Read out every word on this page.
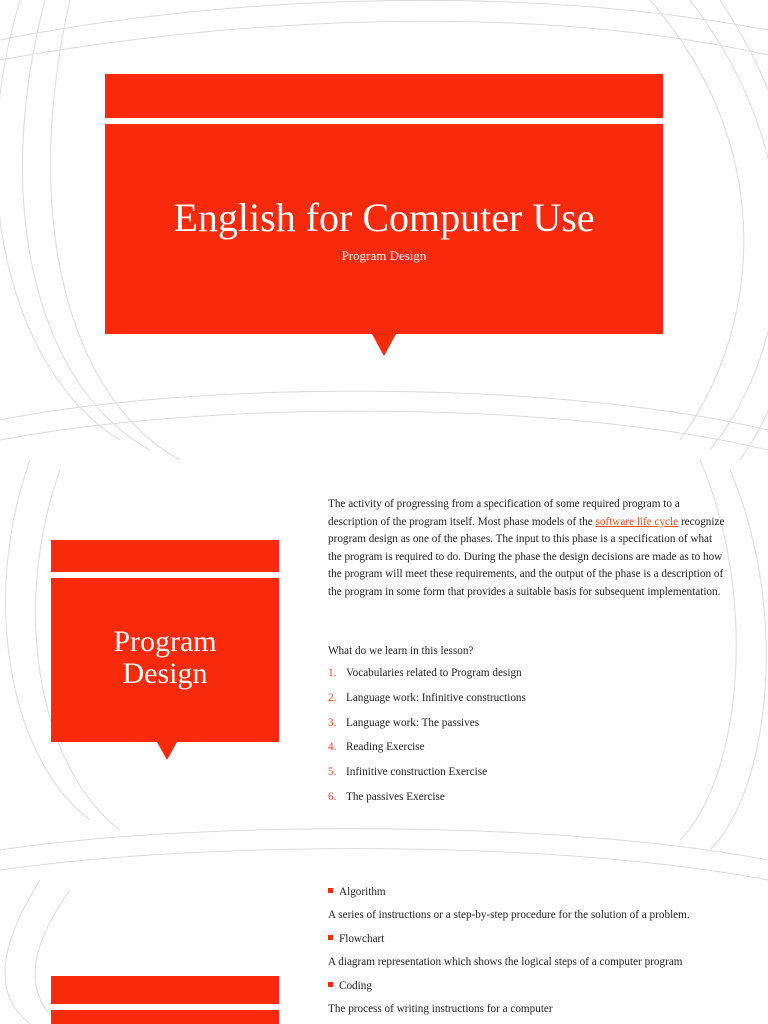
English for Computer Use
Program Design
Program
Design
The activity of progressing from a specification of some required program to a description of the program itself. Most phase models of the software life cycle recognize program design as one of the phases. The input to this phase is a specification of what the program is required to do. During the phase the design decisions are made as to how the program will meet these requirements, and the output of the phase is a description of the program in some form that provides a suitable basis for subsequent implementation.
What do we learn in this lesson?
1. Vocabularies related to Program design
2. Language work: Infinitive constructions
3. Language work: The passives
4. Reading Exercise
5. Infinitive construction Exercise
6. The passives Exercise
Algorithm
A series of instructions or a step-by-step procedure for the solution of a problem.
Flowchart
A diagram representation which shows the logical steps of a computer program
Coding
The process of writing instructions for a computer
